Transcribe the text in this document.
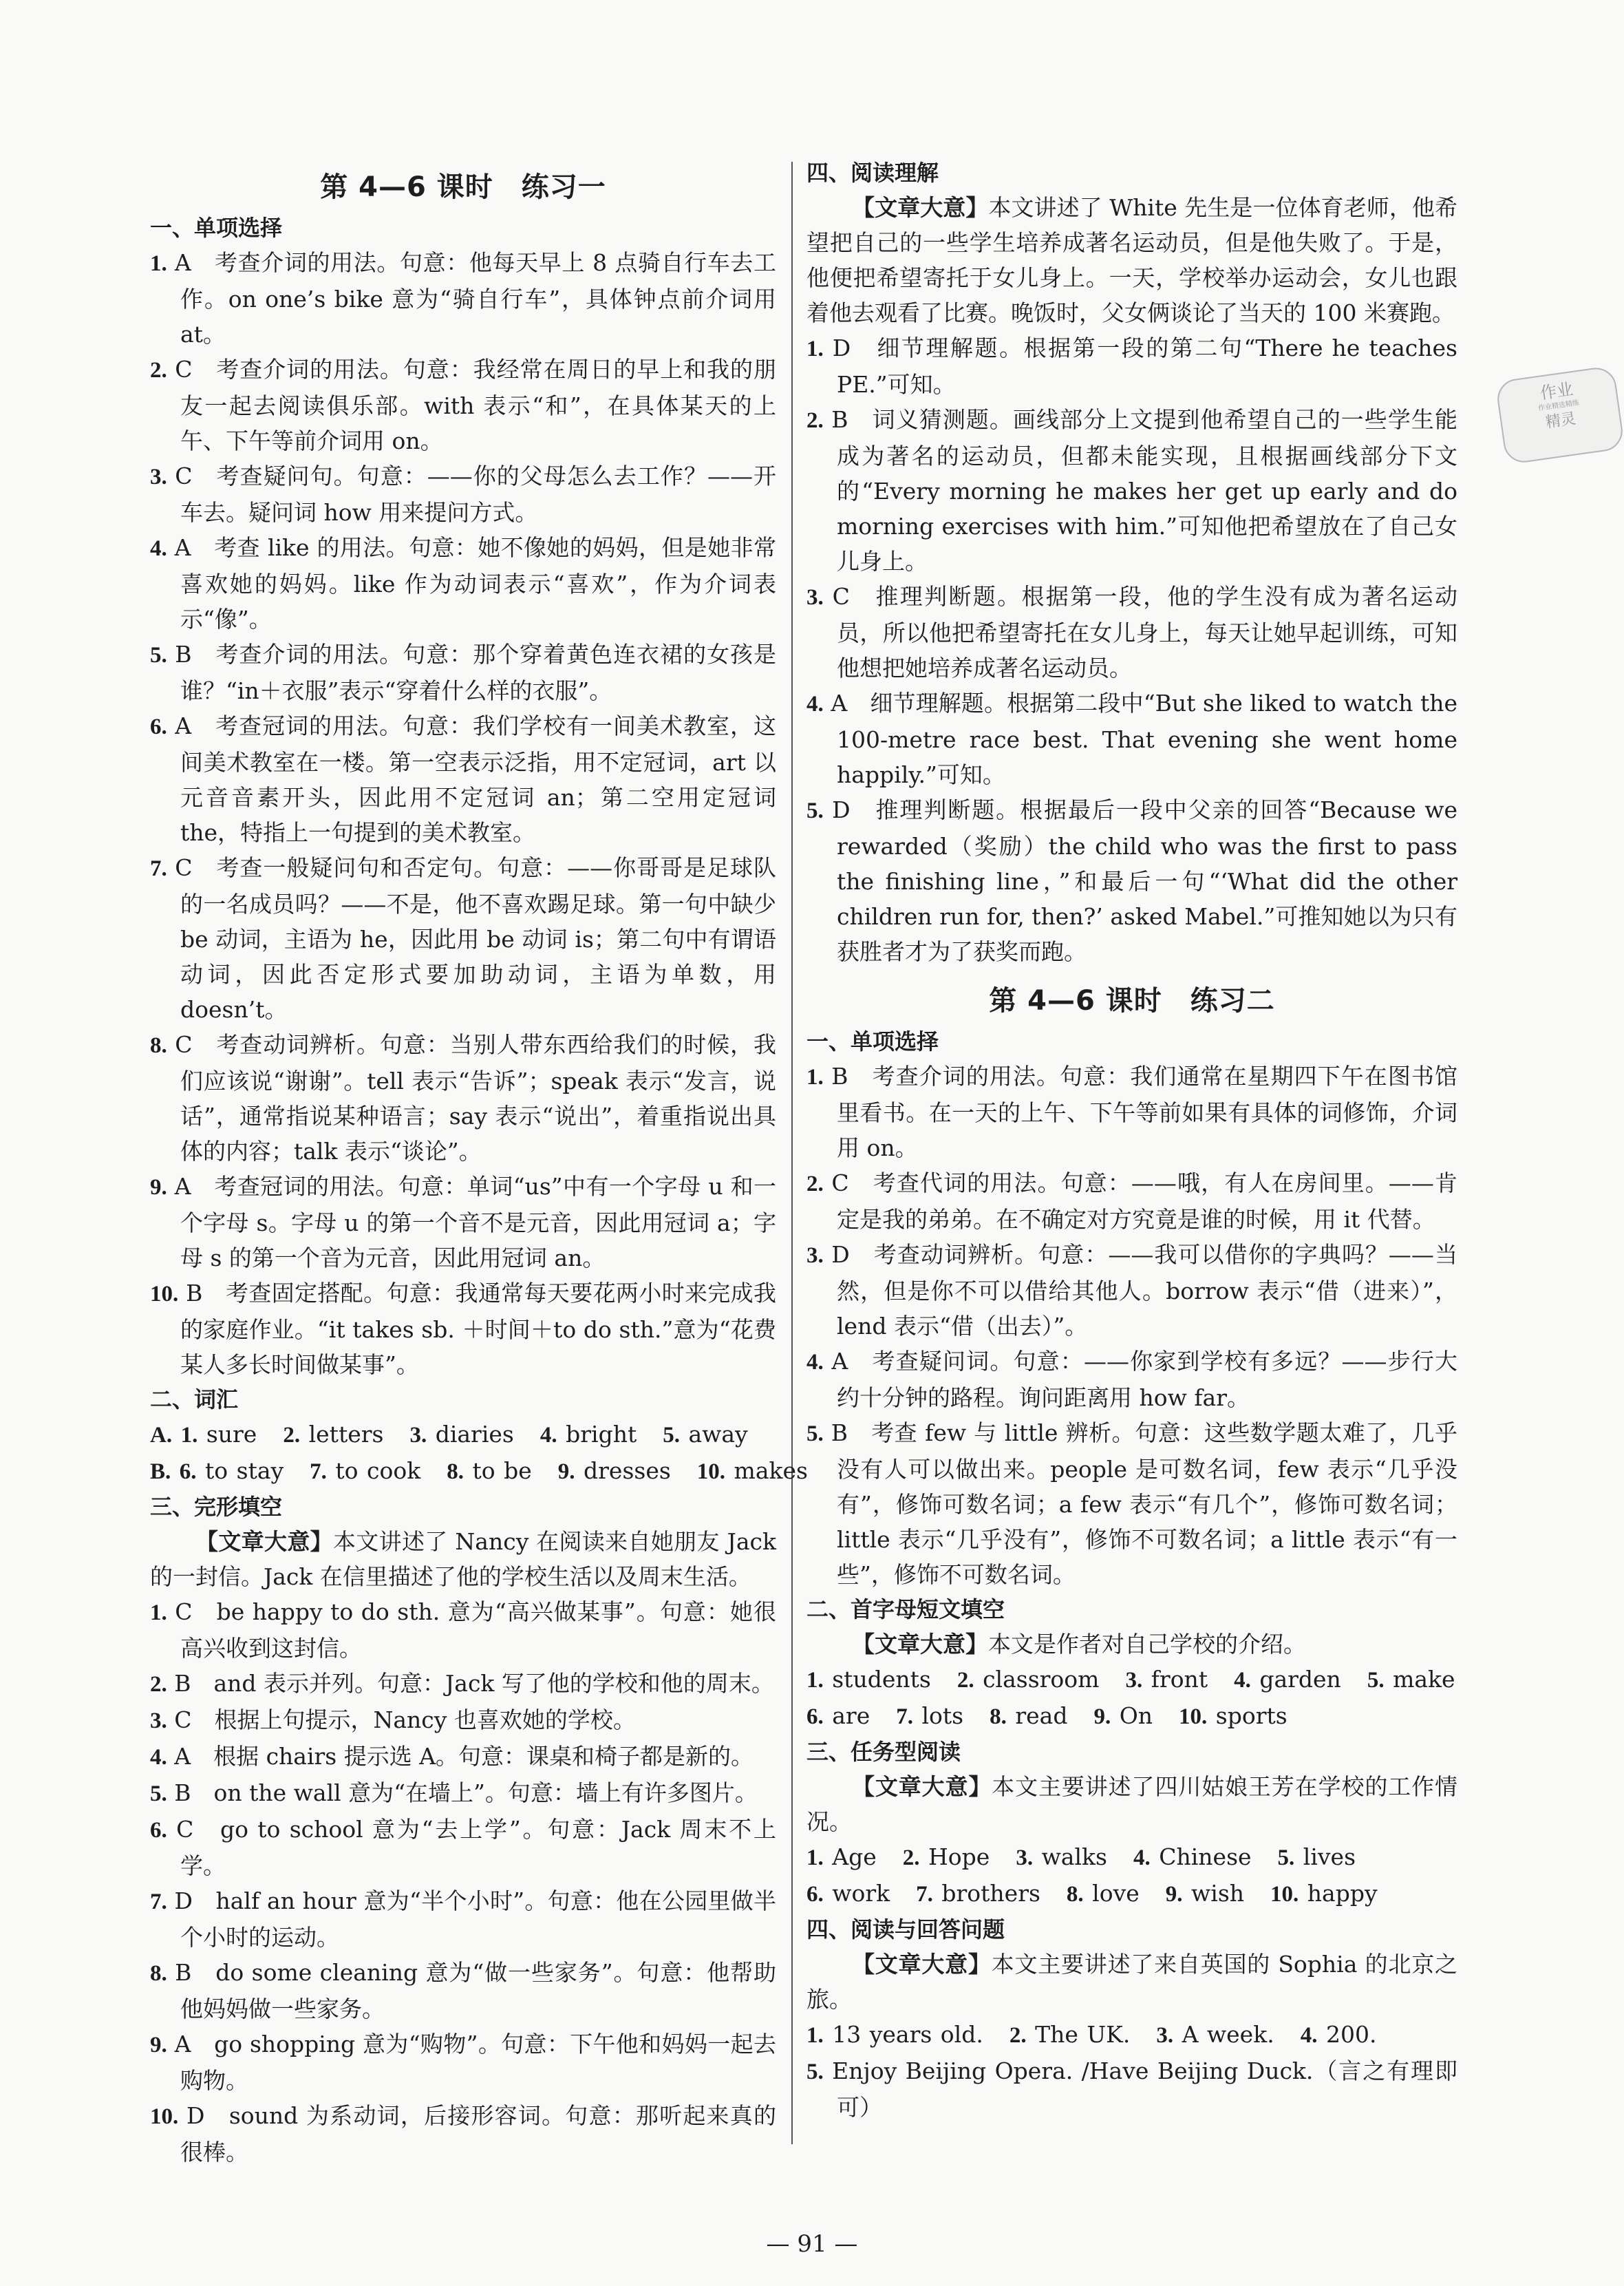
作业
作业精选精练
精灵
第 4—6 课时　练习一
一、单项选择

1. A　考查介词的用法。句意：他每天早上 8 点骑自行车去工作。on one’s bike 意为“骑自行车”，具体钟点前介词用 at。

2. C　考查介词的用法。句意：我经常在周日的早上和我的朋友一起去阅读俱乐部。with 表示“和”，在具体某天的上午、下午等前介词用 on。

3. C　考查疑问句。句意：——你的父母怎么去工作？——开车去。疑问词 how 用来提问方式。

4. A　考查 like 的用法。句意：她不像她的妈妈，但是她非常喜欢她的妈妈。like 作为动词表示“喜欢”，作为介词表示“像”。

5. B　考查介词的用法。句意：那个穿着黄色连衣裙的女孩是谁？“in＋衣服”表示“穿着什么样的衣服”。

6. A　考查冠词的用法。句意：我们学校有一间美术教室，这间美术教室在一楼。第一空表示泛指，用不定冠词，art 以元音音素开头，因此用不定冠词 an；第二空用定冠词 the，特指上一句提到的美术教室。

7. C　考查一般疑问句和否定句。句意：——你哥哥是足球队的一名成员吗？——不是，他不喜欢踢足球。第一句中缺少 be 动词，主语为 he，因此用 be 动词 is；第二句中有谓语动词，因此否定形式要加助动词，主语为单数，用 doesn’t。

8. C　考查动词辨析。句意：当别人带东西给我们的时候，我们应该说“谢谢”。tell 表示“告诉”；speak 表示“发言，说话”，通常指说某种语言；say 表示“说出”，着重指说出具体的内容；talk 表示“谈论”。

9. A　考查冠词的用法。句意：单词“us”中有一个字母 u 和一个字母 s。字母 u 的第一个音不是元音，因此用冠词 a；字母 s 的第一个音为元音，因此用冠词 an。

10. B　考查固定搭配。句意：我通常每天要花两小时来完成我的家庭作业。“it takes sb. ＋时间＋to do sth.”意为“花费某人多长时间做某事”。

二、词汇

A. 1. sure 2. letters 3. diaries 4. bright 5. away

B. 6. to stay 7. to cook 8. to be 9. dresses 10. makes

三、完形填空

【文章大意】本文讲述了 Nancy 在阅读来自她朋友 Jack 的一封信。Jack 在信里描述了他的学校生活以及周末生活。

1. C　be happy to do sth. 意为“高兴做某事”。句意：她很高兴收到这封信。

2. B　and 表示并列。句意：Jack 写了他的学校和他的周末。

3. C　根据上句提示，Nancy 也喜欢她的学校。

4. A　根据 chairs 提示选 A。句意：课桌和椅子都是新的。

5. B　on the wall 意为“在墙上”。句意：墙上有许多图片。

6. C　go to school 意为“去上学”。句意：Jack 周末不上学。

7. D　half an hour 意为“半个小时”。句意：他在公园里做半个小时的运动。

8. B　do some cleaning 意为“做一些家务”。句意：他帮助他妈妈做一些家务。

9. A　go shopping 意为“购物”。句意：下午他和妈妈一起去购物。

10. D　sound 为系动词，后接形容词。句意：那听起来真的很棒。

四、阅读理解

【文章大意】本文讲述了 White 先生是一位体育老师，他希望把自己的一些学生培养成著名运动员，但是他失败了。于是，他便把希望寄托于女儿身上。一天，学校举办运动会，女儿也跟着他去观看了比赛。晚饭时，父女俩谈论了当天的 100 米赛跑。

1. D　细节理解题。根据第一段的第二句“There he teaches PE.”可知。

2. B　词义猜测题。画线部分上文提到他希望自己的一些学生能成为著名的运动员，但都未能实现，且根据画线部分下文的“Every morning he makes her get up early and do morning exercises with him.”可知他把希望放在了自己女儿身上。

3. C　推理判断题。根据第一段，他的学生没有成为著名运动员，所以他把希望寄托在女儿身上，每天让她早起训练，可知他想把她培养成著名运动员。

4. A　细节理解题。根据第二段中“But she liked to watch the 100-metre race best. That evening she went home happily.”可知。

5. D　推理判断题。根据最后一段中父亲的回答“Because we rewarded（奖励）the child who was the first to pass the finishing line，”和最后一句“‘What did the other children run for, then?’ asked Mabel.”可推知她以为只有获胜者才为了获奖而跑。

第 4—6 课时　练习二
一、单项选择

1. B　考查介词的用法。句意：我们通常在星期四下午在图书馆里看书。在一天的上午、下午等前如果有具体的词修饰，介词用 on。

2. C　考查代词的用法。句意：——哦，有人在房间里。——肯定是我的弟弟。在不确定对方究竟是谁的时候，用 it 代替。

3. D　考查动词辨析。句意：——我可以借你的字典吗？——当然，但是你不可以借给其他人。borrow 表示“借（进来）”，lend 表示“借（出去）”。

4. A　考查疑问词。句意：——你家到学校有多远？——步行大约十分钟的路程。询问距离用 how far。

5. B　考查 few 与 little 辨析。句意：这些数学题太难了，几乎没有人可以做出来。people 是可数名词，few 表示“几乎没有”，修饰可数名词；a few 表示“有几个”，修饰可数名词；little 表示“几乎没有”，修饰不可数名词；a little 表示“有一些”，修饰不可数名词。

二、首字母短文填空

【文章大意】本文是作者对自己学校的介绍。

1. students 2. classroom 3. front 4. garden 5. make

6. are 7. lots 8. read 9. On 10. sports

三、任务型阅读

【文章大意】本文主要讲述了四川姑娘王芳在学校的工作情况。

1. Age 2. Hope 3. walks 4. Chinese 5. lives

6. work 7. brothers 8. love 9. wish 10. happy

四、阅读与回答问题

【文章大意】本文主要讲述了来自英国的 Sophia 的北京之旅。

1. 13 years old. 2. The UK. 3. A week. 4. 200.

5. Enjoy Beijing Opera. /Have Beijing Duck.（言之有理即可）

— 91 —
